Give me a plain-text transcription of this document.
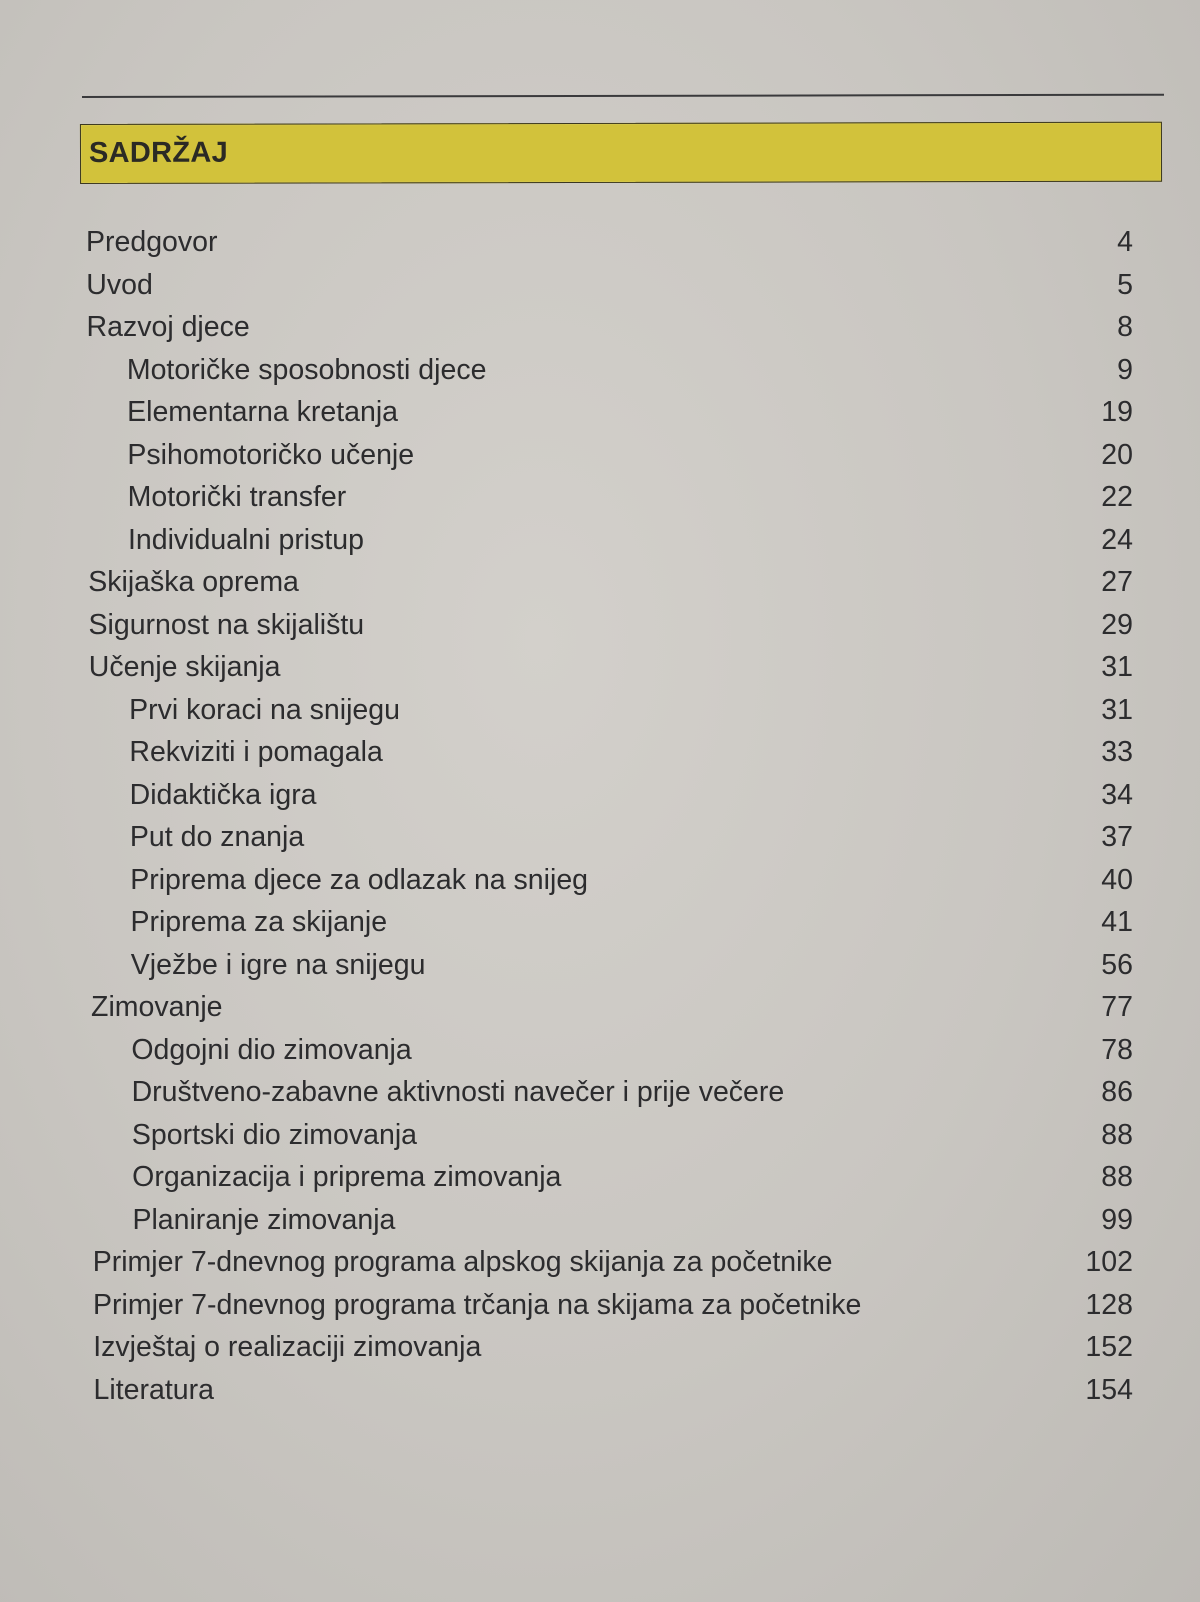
SADRŽAJ
Predgovor	4
Uvod	5
Razvoj djece	8
Motoričke sposobnosti djece	9
Elementarna kretanja	19
Psihomotoričko učenje	20
Motorički transfer	22
Individualni pristup	24
Skijaška oprema	27
Sigurnost na skijalištu	29
Učenje skijanja	31
Prvi koraci na snijegu	31
Rekviziti i pomagala	33
Didaktička igra	34
Put do znanja	37
Priprema djece za odlazak na snijeg	40
Priprema za skijanje	41
Vježbe i igre na snijegu	56
Zimovanje	77
Odgojni dio zimovanja	78
Društveno-zabavne aktivnosti navečer i prije večere	86
Sportski dio zimovanja	88
Organizacija i priprema zimovanja	88
Planiranje zimovanja	99
Primjer 7-dnevnog programa alpskog skijanja za početnike	102
Primjer 7-dnevnog programa trčanja na skijama za početnike	128
Izvještaj o realizaciji zimovanja	152
Literatura	154
